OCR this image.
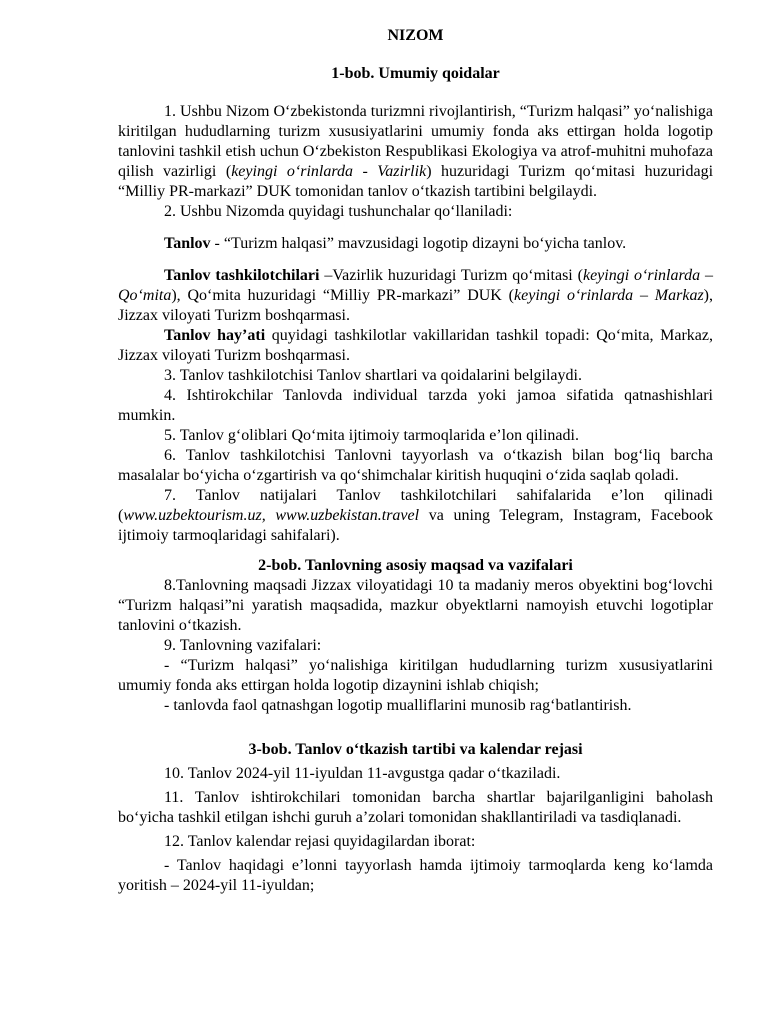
NIZOM
1-bob. Umumiy qoidalar

1. Ushbu Nizom O‘zbekistonda turizmni rivojlantirish, “Turizm halqasi” yo‘nalishiga kiritilgan hududlarning turizm xususiyatlarini umumiy fonda aks ettirgan holda logotip tanlovini tashkil etish uchun O‘zbekiston Respublikasi Ekologiya va atrof-muhitni muhofaza qilish vazirligi (keyingi o‘rinlarda - Vazirlik) huzuridagi Turizm qo‘mitasi huzuridagi “Milliy PR-markazi” DUK tomonidan tanlov o‘tkazish tartibini belgilaydi.

2. Ushbu Nizomda quyidagi tushunchalar qo‘llaniladi:

Tanlov - “Turizm halqasi” mavzusidagi logotip dizayni bo‘yicha tanlov.

Tanlov tashkilotchilari –Vazirlik huzuridagi Turizm qo‘mitasi (keyingi o‘rinlarda – Qo‘mita), Qo‘mita huzuridagi “Milliy PR-markazi” DUK (keyingi o‘rinlarda – Markaz), Jizzax viloyati Turizm boshqarmasi.

Tanlov hay’ati quyidagi tashkilotlar vakillaridan tashkil topadi: Qo‘mita, Markaz, Jizzax viloyati Turizm boshqarmasi.

3. Tanlov tashkilotchisi Tanlov shartlari va qoidalarini belgilaydi.

4. Ishtirokchilar Tanlovda individual tarzda yoki jamoa sifatida qatnashishlari mumkin.

5. Tanlov g‘oliblari Qo‘mita ijtimoiy tarmoqlarida e’lon qilinadi.

6. Tanlov tashkilotchisi Tanlovni tayyorlash va o‘tkazish bilan bog‘liq barcha masalalar bo‘yicha o‘zgartirish va qo‘shimchalar kiritish huquqini o‘zida saqlab qoladi.

7. Tanlov natijalari Tanlov tashkilotchilari sahifalarida e’lon qilinadi (www.uzbektourism.uz, www.uzbekistan.travel va uning Telegram, Instagram, Facebook ijtimoiy tarmoqlaridagi sahifalari).

2-bob. Tanlovning asosiy maqsad va vazifalari

8.Tanlovning maqsadi Jizzax viloyatidagi 10 ta madaniy meros obyektini bog‘lovchi “Turizm halqasi”ni yaratish maqsadida, mazkur obyektlarni namoyish etuvchi logotiplar tanlovini o‘tkazish.

9. Tanlovning vazifalari:

- “Turizm halqasi” yo‘nalishiga kiritilgan hududlarning turizm xususiyatlarini umumiy fonda aks ettirgan holda logotip dizaynini ishlab chiqish;

- tanlovda faol qatnashgan logotip mualliflarini munosib rag‘batlantirish.

3-bob. Tanlov o‘tkazish tartibi va kalendar rejasi

10. Tanlov 2024-yil 11-iyuldan 11-avgustga qadar o‘tkaziladi.

11. Tanlov ishtirokchilari tomonidan barcha shartlar bajarilganligini baholash bo‘yicha tashkil etilgan ishchi guruh a’zolari tomonidan shakllantiriladi va tasdiqlanadi.

12. Tanlov kalendar rejasi quyidagilardan iborat:

- Tanlov haqidagi e’lonni tayyorlash hamda ijtimoiy tarmoqlarda keng ko‘lamda yoritish – 2024-yil 11-iyuldan;
